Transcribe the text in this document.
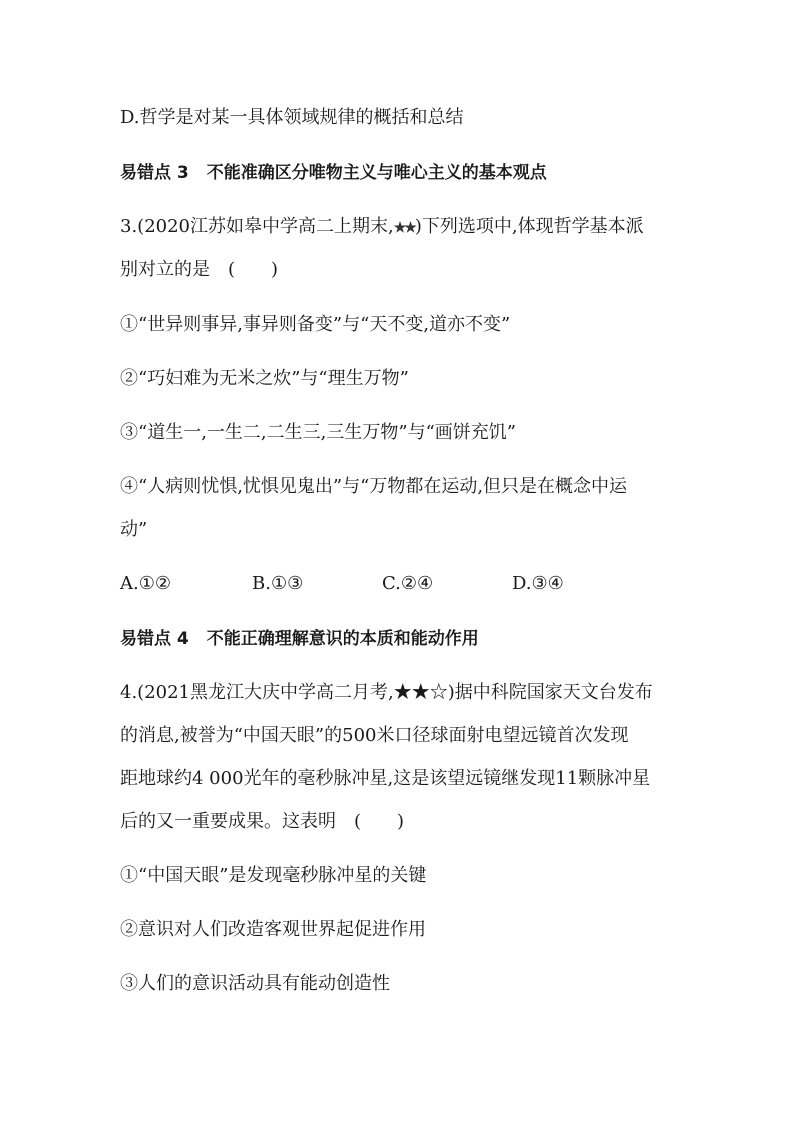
D.哲学是对某一具体领域规律的概括和总结
易错点 3 不能准确区分唯物主义与唯心主义的基本观点
3.(2020江苏如皋中学高二上期末,★★)下列选项中,体现哲学基本派
别对立的是　(　　)
①“世异则事异,事异则备变”与“天不变,道亦不变”
②“巧妇难为无米之炊”与“理生万物”
③“道生一,一生二,二生三,三生万物”与“画饼充饥”
④“人病则忧惧,忧惧见鬼出”与“万物都在运动,但只是在概念中运
动”
A.①②	B.①③	C.②④	D.③④
易错点 4 不能正确理解意识的本质和能动作用
4.(2021黑龙江大庆中学高二月考,★★☆)据中科院国家天文台发布
的消息,被誉为“中国天眼”的500米口径球面射电望远镜首次发现
距地球约4 000光年的毫秒脉冲星,这是该望远镜继发现11颗脉冲星
后的又一重要成果。这表明　(　　)
①“中国天眼”是发现毫秒脉冲星的关键
②意识对人们改造客观世界起促进作用
③人们的意识活动具有能动创造性
